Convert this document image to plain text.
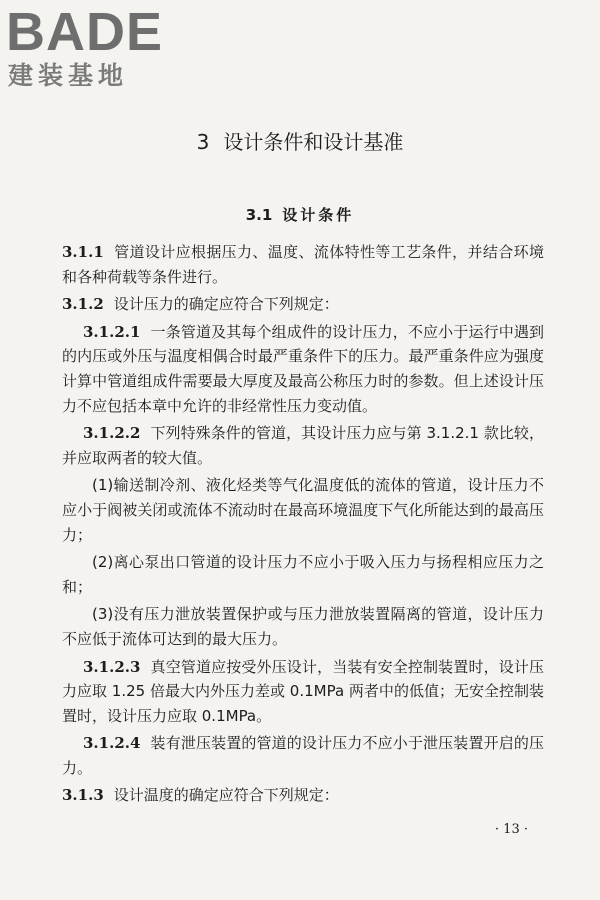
BADE
建装基地
3 设计条件和设计基准
3.1 设计条件

3.1.1 管道设计应根据压力、温度、流体特性等工艺条件，并结合环境和各种荷载等条件进行。

3.1.2 设计压力的确定应符合下列规定：

3.1.2.1 一条管道及其每个组成件的设计压力，不应小于运行中遇到的内压或外压与温度相偶合时最严重条件下的压力。最严重条件应为强度计算中管道组成件需要最大厚度及最高公称压力时的参数。但上述设计压力不应包括本章中允许的非经常性压力变动值。

3.1.2.2 下列特殊条件的管道，其设计压力应与第 3.1.2.1 款比较，并应取两者的较大值。

(1)输送制冷剂、液化烃类等气化温度低的流体的管道，设计压力不应小于阀被关闭或流体不流动时在最高环境温度下气化所能达到的最高压力；

(2)离心泵出口管道的设计压力不应小于吸入压力与扬程相应压力之和；

(3)没有压力泄放装置保护或与压力泄放装置隔离的管道，设计压力不应低于流体可达到的最大压力。

3.1.2.3 真空管道应按受外压设计，当装有安全控制装置时，设计压力应取 1.25 倍最大内外压力差或 0.1MPa 两者中的低值；无安全控制装置时，设计压力应取 0.1MPa。

3.1.2.4 装有泄压装置的管道的设计压力不应小于泄压装置开启的压力。

3.1.3 设计温度的确定应符合下列规定：

· 13 ·
